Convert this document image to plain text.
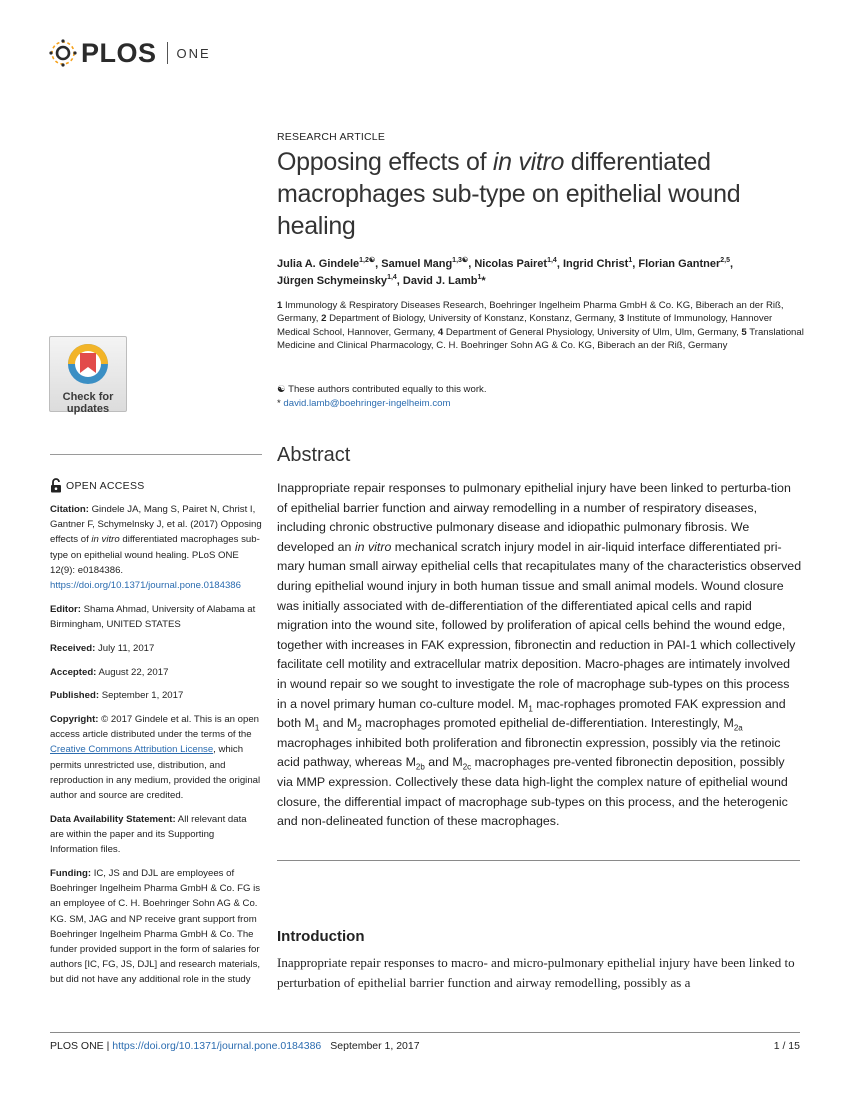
PLOS ONE
Check for
updates
OPEN ACCESS
Citation: Gindele JA, Mang S, Pairet N, Christ I, Gantner F, Schymelnsky J, et al. (2017) Opposing effects of in vitro differentiated macrophages sub-type on epithelial wound healing. PLoS ONE 12(9): e0184386. https://doi.org/10.1371/journal.pone.0184386
Editor: Shama Ahmad, University of Alabama at Birmingham, UNITED STATES
Received: July 11, 2017
Accepted: August 22, 2017
Published: September 1, 2017
Copyright: © 2017 Gindele et al. This is an open access article distributed under the terms of the Creative Commons Attribution License, which permits unrestricted use, distribution, and reproduction in any medium, provided the original author and source are credited.
Data Availability Statement: All relevant data are within the paper and its Supporting Information files.
Funding: IC, JS and DJL are employees of Boehringer Ingelheim Pharma GmbH & Co. FG is an employee of C. H. Boehringer Sohn AG & Co. KG. SM, JAG and NP receive grant support from Boehringer Ingelheim Pharma GmbH & Co. The funder provided support in the form of salaries for authors [IC, FG, JS, DJL] and research materials, but did not have any additional role in the study
RESEARCH ARTICLE
Opposing effects of in vitro differentiated macrophages sub-type on epithelial wound healing
Julia A. Gindele$^{1,2☯}$, Samuel Mang$^{1,3☯}$, Nicolas Pairet$^{1,4}$, Ingrid Christ$^1$, Florian Gantner$^{2,5}$,
Jürgen Schymeinsky$^{1,4}$, David J. Lamb$^1$*
1 Immunology & Respiratory Diseases Research, Boehringer Ingelheim Pharma GmbH & Co. KG, Biberach an der Riß, Germany, 2 Department of Biology, University of Konstanz, Konstanz, Germany, 3 Institute of Immunology, Hannover Medical School, Hannover, Germany, 4 Department of General Physiology, University of Ulm, Ulm, Germany, 5 Translational Medicine and Clinical Pharmacology, C. H. Boehringer Sohn AG & Co. KG, Biberach an der Riß, Germany
☯ These authors contributed equally to this work.
* david.lamb@boehringer-ingelheim.com
Abstract
Inappropriate repair responses to pulmonary epithelial injury have been linked to perturba-tion of epithelial barrier function and airway remodelling in a number of respiratory diseases, including chronic obstructive pulmonary disease and idiopathic pulmonary fibrosis. We developed an in vitro mechanical scratch injury model in air-liquid interface differentiated pri-mary human small airway epithelial cells that recapitulates many of the characteristics observed during epithelial wound injury in both human tissue and small animal models. Wound closure was initially associated with de-differentiation of the differentiated apical cells and rapid migration into the wound site, followed by proliferation of apical cells behind the wound edge, together with increases in FAK expression, fibronectin and reduction in PAI-1 which collectively facilitate cell motility and extracellular matrix deposition. Macro-phages are intimately involved in wound repair so we sought to investigate the role of macrophage sub-types on this process in a novel primary human co-culture model. $M_1$ mac-rophages promoted FAK expression and both $M_1$ and $M_2$ macrophages promoted epithelial de-differentiation. Interestingly, $M_{2a}$ macrophages inhibited both proliferation and fibronectin expression, possibly via the retinoic acid pathway, whereas $M_{2b}$ and $M_{2c}$ macrophages pre-vented fibronectin deposition, possibly via MMP expression. Collectively these data high-light the complex nature of epithelial wound closure, the differential impact of macrophage sub-types on this process, and the heterogenic and non-delineated function of these macrophages.
Introduction
Inappropriate repair responses to macro- and micro-pulmonary epithelial injury have been linked to perturbation of epithelial barrier function and airway remodelling, possibly as a
PLOS ONE | https://doi.org/10.1371/journal.pone.0184386 September 1, 2017	1 / 15
